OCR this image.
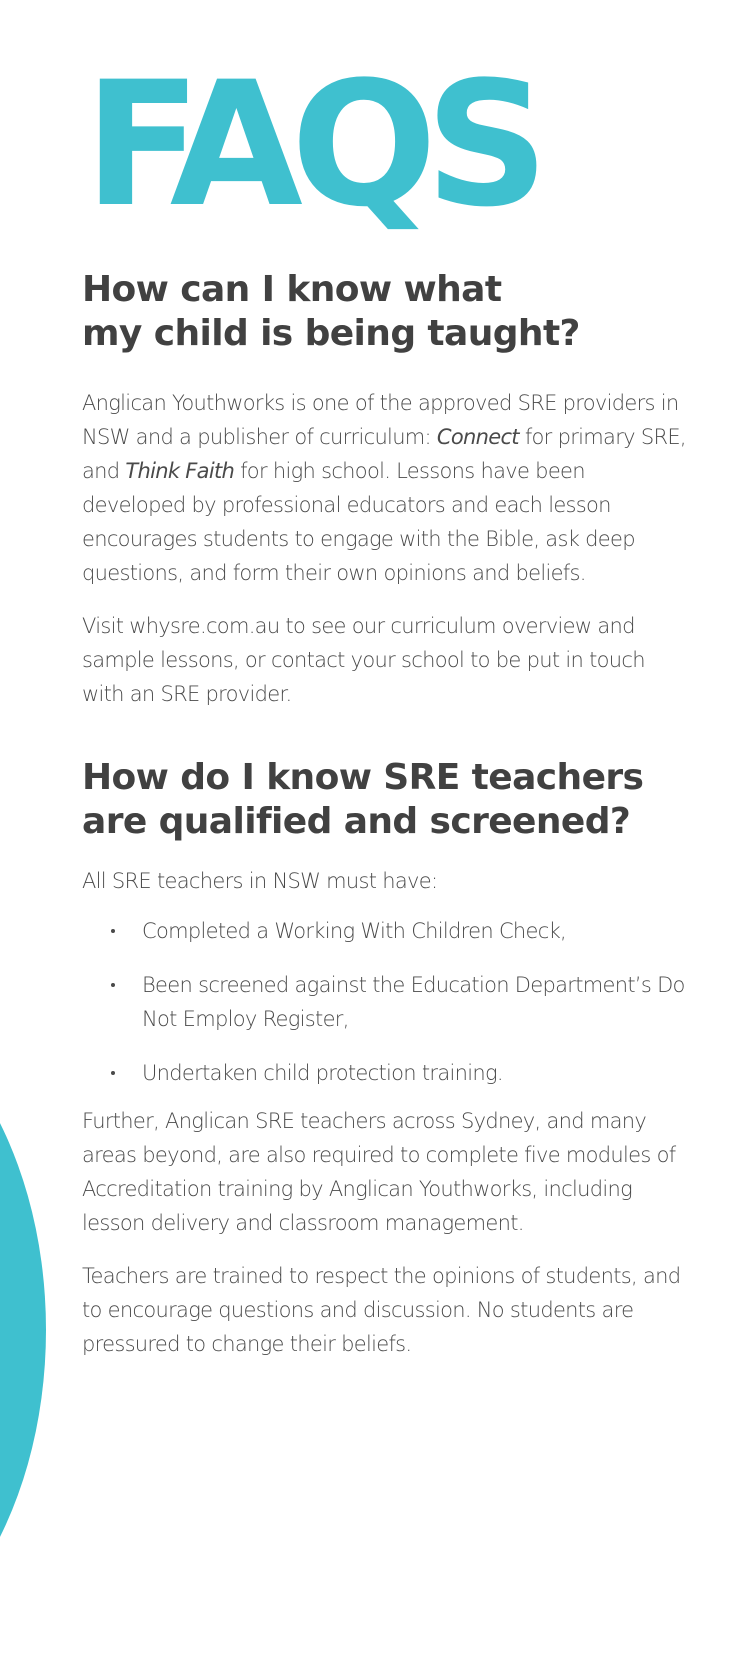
FAQS
How can I know what
my child is being taught?

Anglican Youthworks is one of the approved SRE providers in NSW and a publisher of curriculum: Connect for primary SRE, and Think Faith for high school. Lessons have been developed by professional educators and each lesson encourages students to engage with the Bible, ask deep questions, and form their own opinions and beliefs.

Visit whysre.com.au to see our curriculum overview and sample lessons, or contact your school to be put in touch with an SRE provider.

How do I know SRE teachers
are qualified and screened?

All SRE teachers in NSW must have:

Completed a Working With Children Check,
Been screened against the Education Department’s Do Not Employ Register,
Undertaken child protection training.

Further, Anglican SRE teachers across Sydney, and many areas beyond, are also required to complete five modules of Accreditation training by Anglican Youthworks, including lesson delivery and classroom management.

Teachers are trained to respect the opinions of students, and to encourage questions and discussion. No students are pressured to change their beliefs.
